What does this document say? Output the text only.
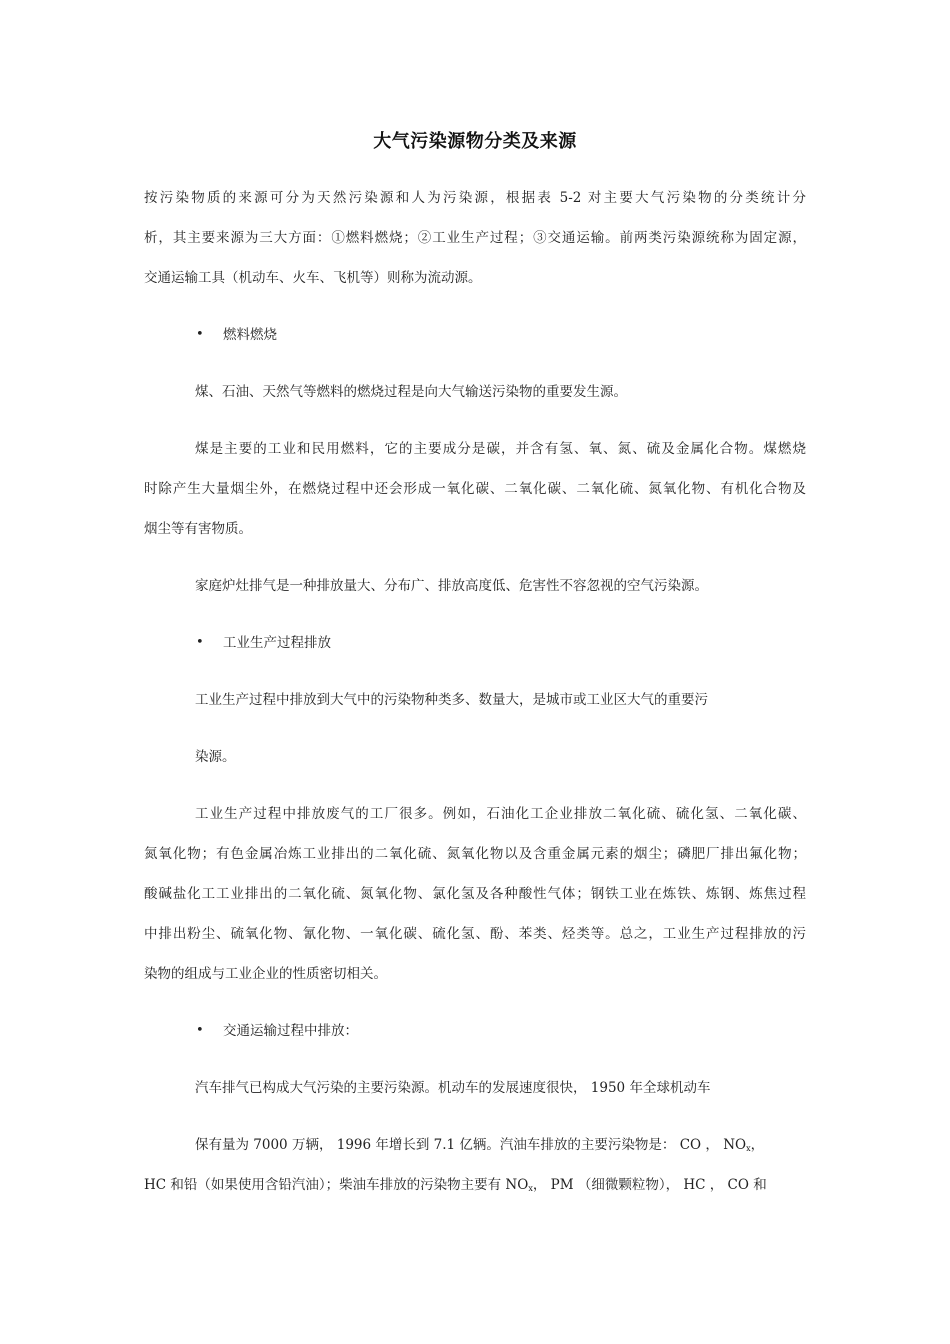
大气污染源物分类及来源
按污染物质的来源可分为天然污染源和人为污染源，根据表 5-2 对主要大气污染物的分类统计分
析，其主要来源为三大方面：①燃料燃烧；②工业生产过程；③交通运输。前两类污染源统称为固定源，
交通运输工具（机动车、火车、飞机等）则称为流动源。
• 燃料燃烧
煤、石油、天然气等燃料的燃烧过程是向大气输送污染物的重要发生源。
煤是主要的工业和民用燃料，它的主要成分是碳，并含有氢、氧、氮、硫及金属化合物。煤燃烧
时除产生大量烟尘外，在燃烧过程中还会形成一氧化碳、二氧化碳、二氧化硫、氮氧化物、有机化合物及
烟尘等有害物质。
家庭炉灶排气是一种排放量大、分布广、排放高度低、危害性不容忽视的空气污染源。
• 工业生产过程排放
工业生产过程中排放到大气中的污染物种类多、数量大，是城市或工业区大气的重要污
染源。
工业生产过程中排放废气的工厂很多。例如，石油化工企业排放二氧化硫、硫化氢、二氧化碳、
氮氧化物；有色金属冶炼工业排出的二氧化硫、氮氧化物以及含重金属元素的烟尘；磷肥厂排出氟化物；
酸碱盐化工工业排出的二氧化硫、氮氧化物、氯化氢及各种酸性气体；钢铁工业在炼铁、炼钢、炼焦过程
中排出粉尘、硫氧化物、氰化物、一氧化碳、硫化氢、酚、苯类、烃类等。总之，工业生产过程排放的污
染物的组成与工业企业的性质密切相关。
• 交通运输过程中排放：
汽车排气已构成大气污染的主要污染源。机动车的发展速度很快， 1950 年全球机动车
保有量为 7000 万辆， 1996 年增长到 7.1 亿辆。汽油车排放的主要污染物是： CO ， $NO_x$，
HC 和铅（如果使用含铅汽油）；柴油车排放的污染物主要有 $NO_x$， PM （细微颗粒物）， HC ， CO 和
